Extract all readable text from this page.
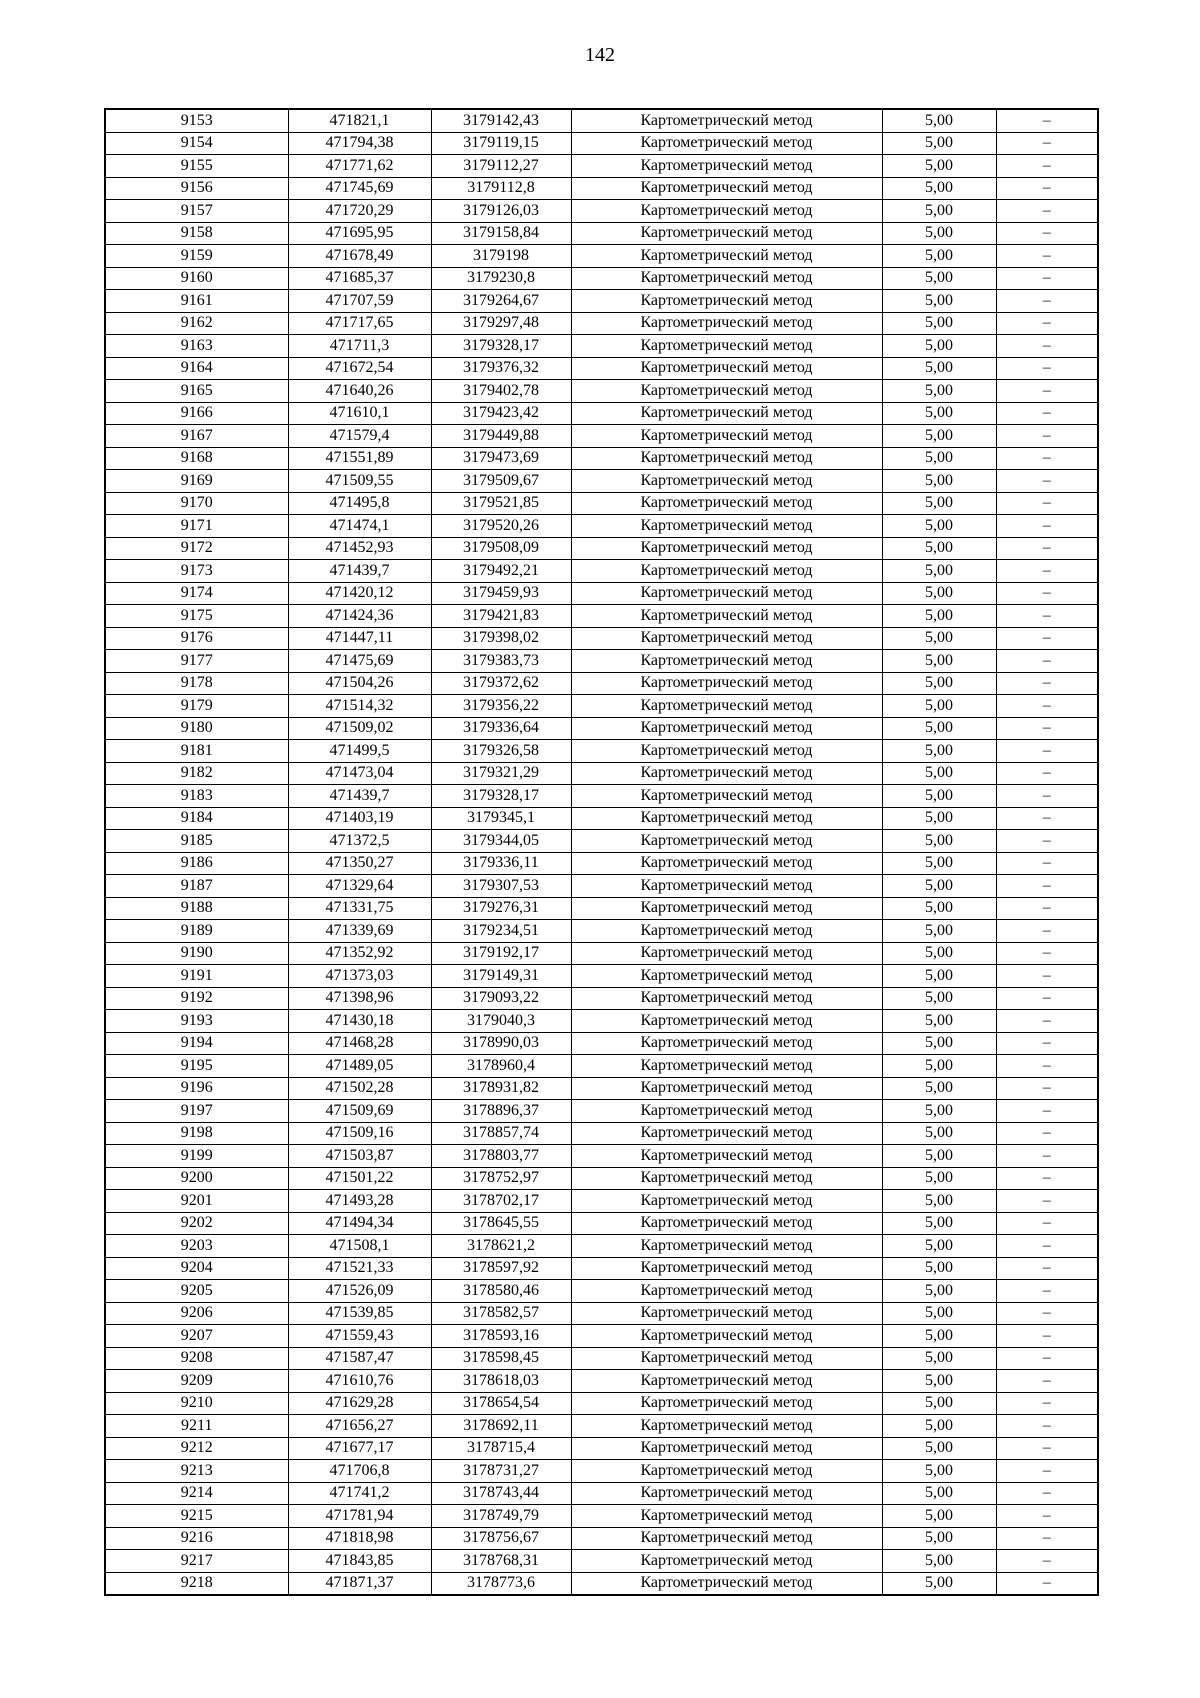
142
9153	471821,1	3179142,43	Картометрический метод	5,00	–
9154	471794,38	3179119,15	Картометрический метод	5,00	–
9155	471771,62	3179112,27	Картометрический метод	5,00	–
9156	471745,69	3179112,8	Картометрический метод	5,00	–
9157	471720,29	3179126,03	Картометрический метод	5,00	–
9158	471695,95	3179158,84	Картометрический метод	5,00	–
9159	471678,49	3179198	Картометрический метод	5,00	–
9160	471685,37	3179230,8	Картометрический метод	5,00	–
9161	471707,59	3179264,67	Картометрический метод	5,00	–
9162	471717,65	3179297,48	Картометрический метод	5,00	–
9163	471711,3	3179328,17	Картометрический метод	5,00	–
9164	471672,54	3179376,32	Картометрический метод	5,00	–
9165	471640,26	3179402,78	Картометрический метод	5,00	–
9166	471610,1	3179423,42	Картометрический метод	5,00	–
9167	471579,4	3179449,88	Картометрический метод	5,00	–
9168	471551,89	3179473,69	Картометрический метод	5,00	–
9169	471509,55	3179509,67	Картометрический метод	5,00	–
9170	471495,8	3179521,85	Картометрический метод	5,00	–
9171	471474,1	3179520,26	Картометрический метод	5,00	–
9172	471452,93	3179508,09	Картометрический метод	5,00	–
9173	471439,7	3179492,21	Картометрический метод	5,00	–
9174	471420,12	3179459,93	Картометрический метод	5,00	–
9175	471424,36	3179421,83	Картометрический метод	5,00	–
9176	471447,11	3179398,02	Картометрический метод	5,00	–
9177	471475,69	3179383,73	Картометрический метод	5,00	–
9178	471504,26	3179372,62	Картометрический метод	5,00	–
9179	471514,32	3179356,22	Картометрический метод	5,00	–
9180	471509,02	3179336,64	Картометрический метод	5,00	–
9181	471499,5	3179326,58	Картометрический метод	5,00	–
9182	471473,04	3179321,29	Картометрический метод	5,00	–
9183	471439,7	3179328,17	Картометрический метод	5,00	–
9184	471403,19	3179345,1	Картометрический метод	5,00	–
9185	471372,5	3179344,05	Картометрический метод	5,00	–
9186	471350,27	3179336,11	Картометрический метод	5,00	–
9187	471329,64	3179307,53	Картометрический метод	5,00	–
9188	471331,75	3179276,31	Картометрический метод	5,00	–
9189	471339,69	3179234,51	Картометрический метод	5,00	–
9190	471352,92	3179192,17	Картометрический метод	5,00	–
9191	471373,03	3179149,31	Картометрический метод	5,00	–
9192	471398,96	3179093,22	Картометрический метод	5,00	–
9193	471430,18	3179040,3	Картометрический метод	5,00	–
9194	471468,28	3178990,03	Картометрический метод	5,00	–
9195	471489,05	3178960,4	Картометрический метод	5,00	–
9196	471502,28	3178931,82	Картометрический метод	5,00	–
9197	471509,69	3178896,37	Картометрический метод	5,00	–
9198	471509,16	3178857,74	Картометрический метод	5,00	–
9199	471503,87	3178803,77	Картометрический метод	5,00	–
9200	471501,22	3178752,97	Картометрический метод	5,00	–
9201	471493,28	3178702,17	Картометрический метод	5,00	–
9202	471494,34	3178645,55	Картометрический метод	5,00	–
9203	471508,1	3178621,2	Картометрический метод	5,00	–
9204	471521,33	3178597,92	Картометрический метод	5,00	–
9205	471526,09	3178580,46	Картометрический метод	5,00	–
9206	471539,85	3178582,57	Картометрический метод	5,00	–
9207	471559,43	3178593,16	Картометрический метод	5,00	–
9208	471587,47	3178598,45	Картометрический метод	5,00	–
9209	471610,76	3178618,03	Картометрический метод	5,00	–
9210	471629,28	3178654,54	Картометрический метод	5,00	–
9211	471656,27	3178692,11	Картометрический метод	5,00	–
9212	471677,17	3178715,4	Картометрический метод	5,00	–
9213	471706,8	3178731,27	Картометрический метод	5,00	–
9214	471741,2	3178743,44	Картометрический метод	5,00	–
9215	471781,94	3178749,79	Картометрический метод	5,00	–
9216	471818,98	3178756,67	Картометрический метод	5,00	–
9217	471843,85	3178768,31	Картометрический метод	5,00	–
9218	471871,37	3178773,6	Картометрический метод	5,00	–
